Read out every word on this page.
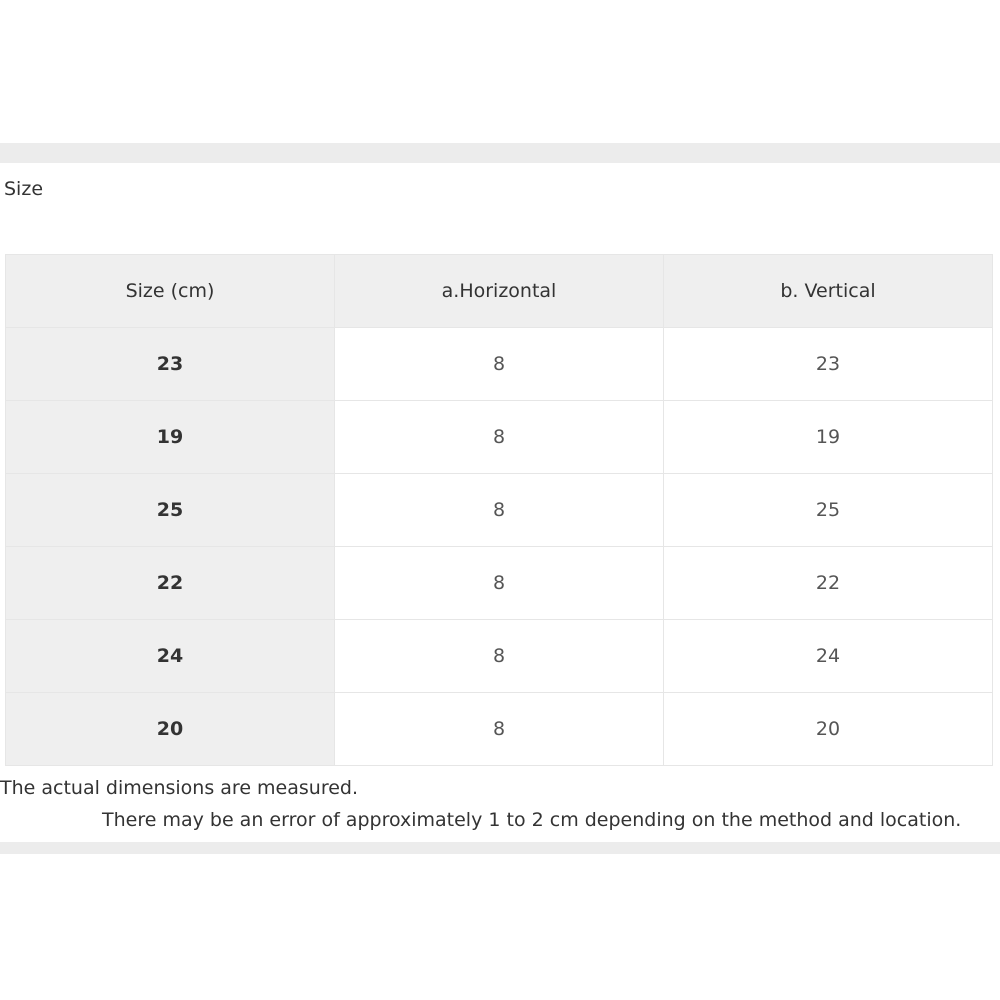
Size
Size (cm)	a.Horizontal	b. Vertical
23	8	23
19	8	19
25	8	25
22	8	22
24	8	24
20	8	20
The actual dimensions are measured.
There may be an error of approximately 1 to 2 cm depending on the method and location.
